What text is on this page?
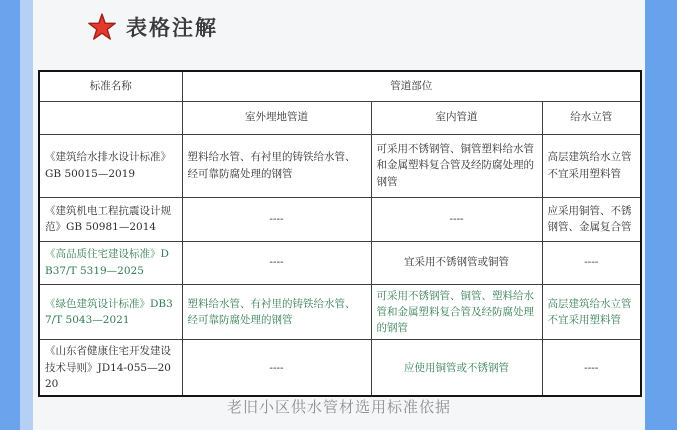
表格注解
标准名称	管道部位		
	室外埋地管道	室内管道	给水立管
《建筑给水排水设计标准》GB 50015—2019	塑料给水管、有衬里的铸铁给水管、经可靠防腐处理的钢管	可采用不锈钢管、铜管塑料给水管和金属塑料复合管及经防腐处理的钢管	高层建筑给水立管不宜采用塑料管
《建筑机电工程抗震设计规范》GB 50981—2014	----	----	应采用铜管、不锈钢管、金属复合管
《高品质住宅建设标准》DB37/T 5319—2025	----	宜采用不锈钢管或铜管	----
《绿色建筑设计标准》DB37/T 5043—2021	塑料给水管、有衬里的铸铁给水管、经可靠防腐处理的钢管	可采用不锈钢管、铜管、塑料给水管和金属塑料复合管及经防腐处理的钢管	高层建筑给水立管不宜采用塑料管
《山东省健康住宅开发建设技术导则》JD14-055—2020	----	应使用铜管或不锈钢管	----
老旧小区供水管材选用标准依据
